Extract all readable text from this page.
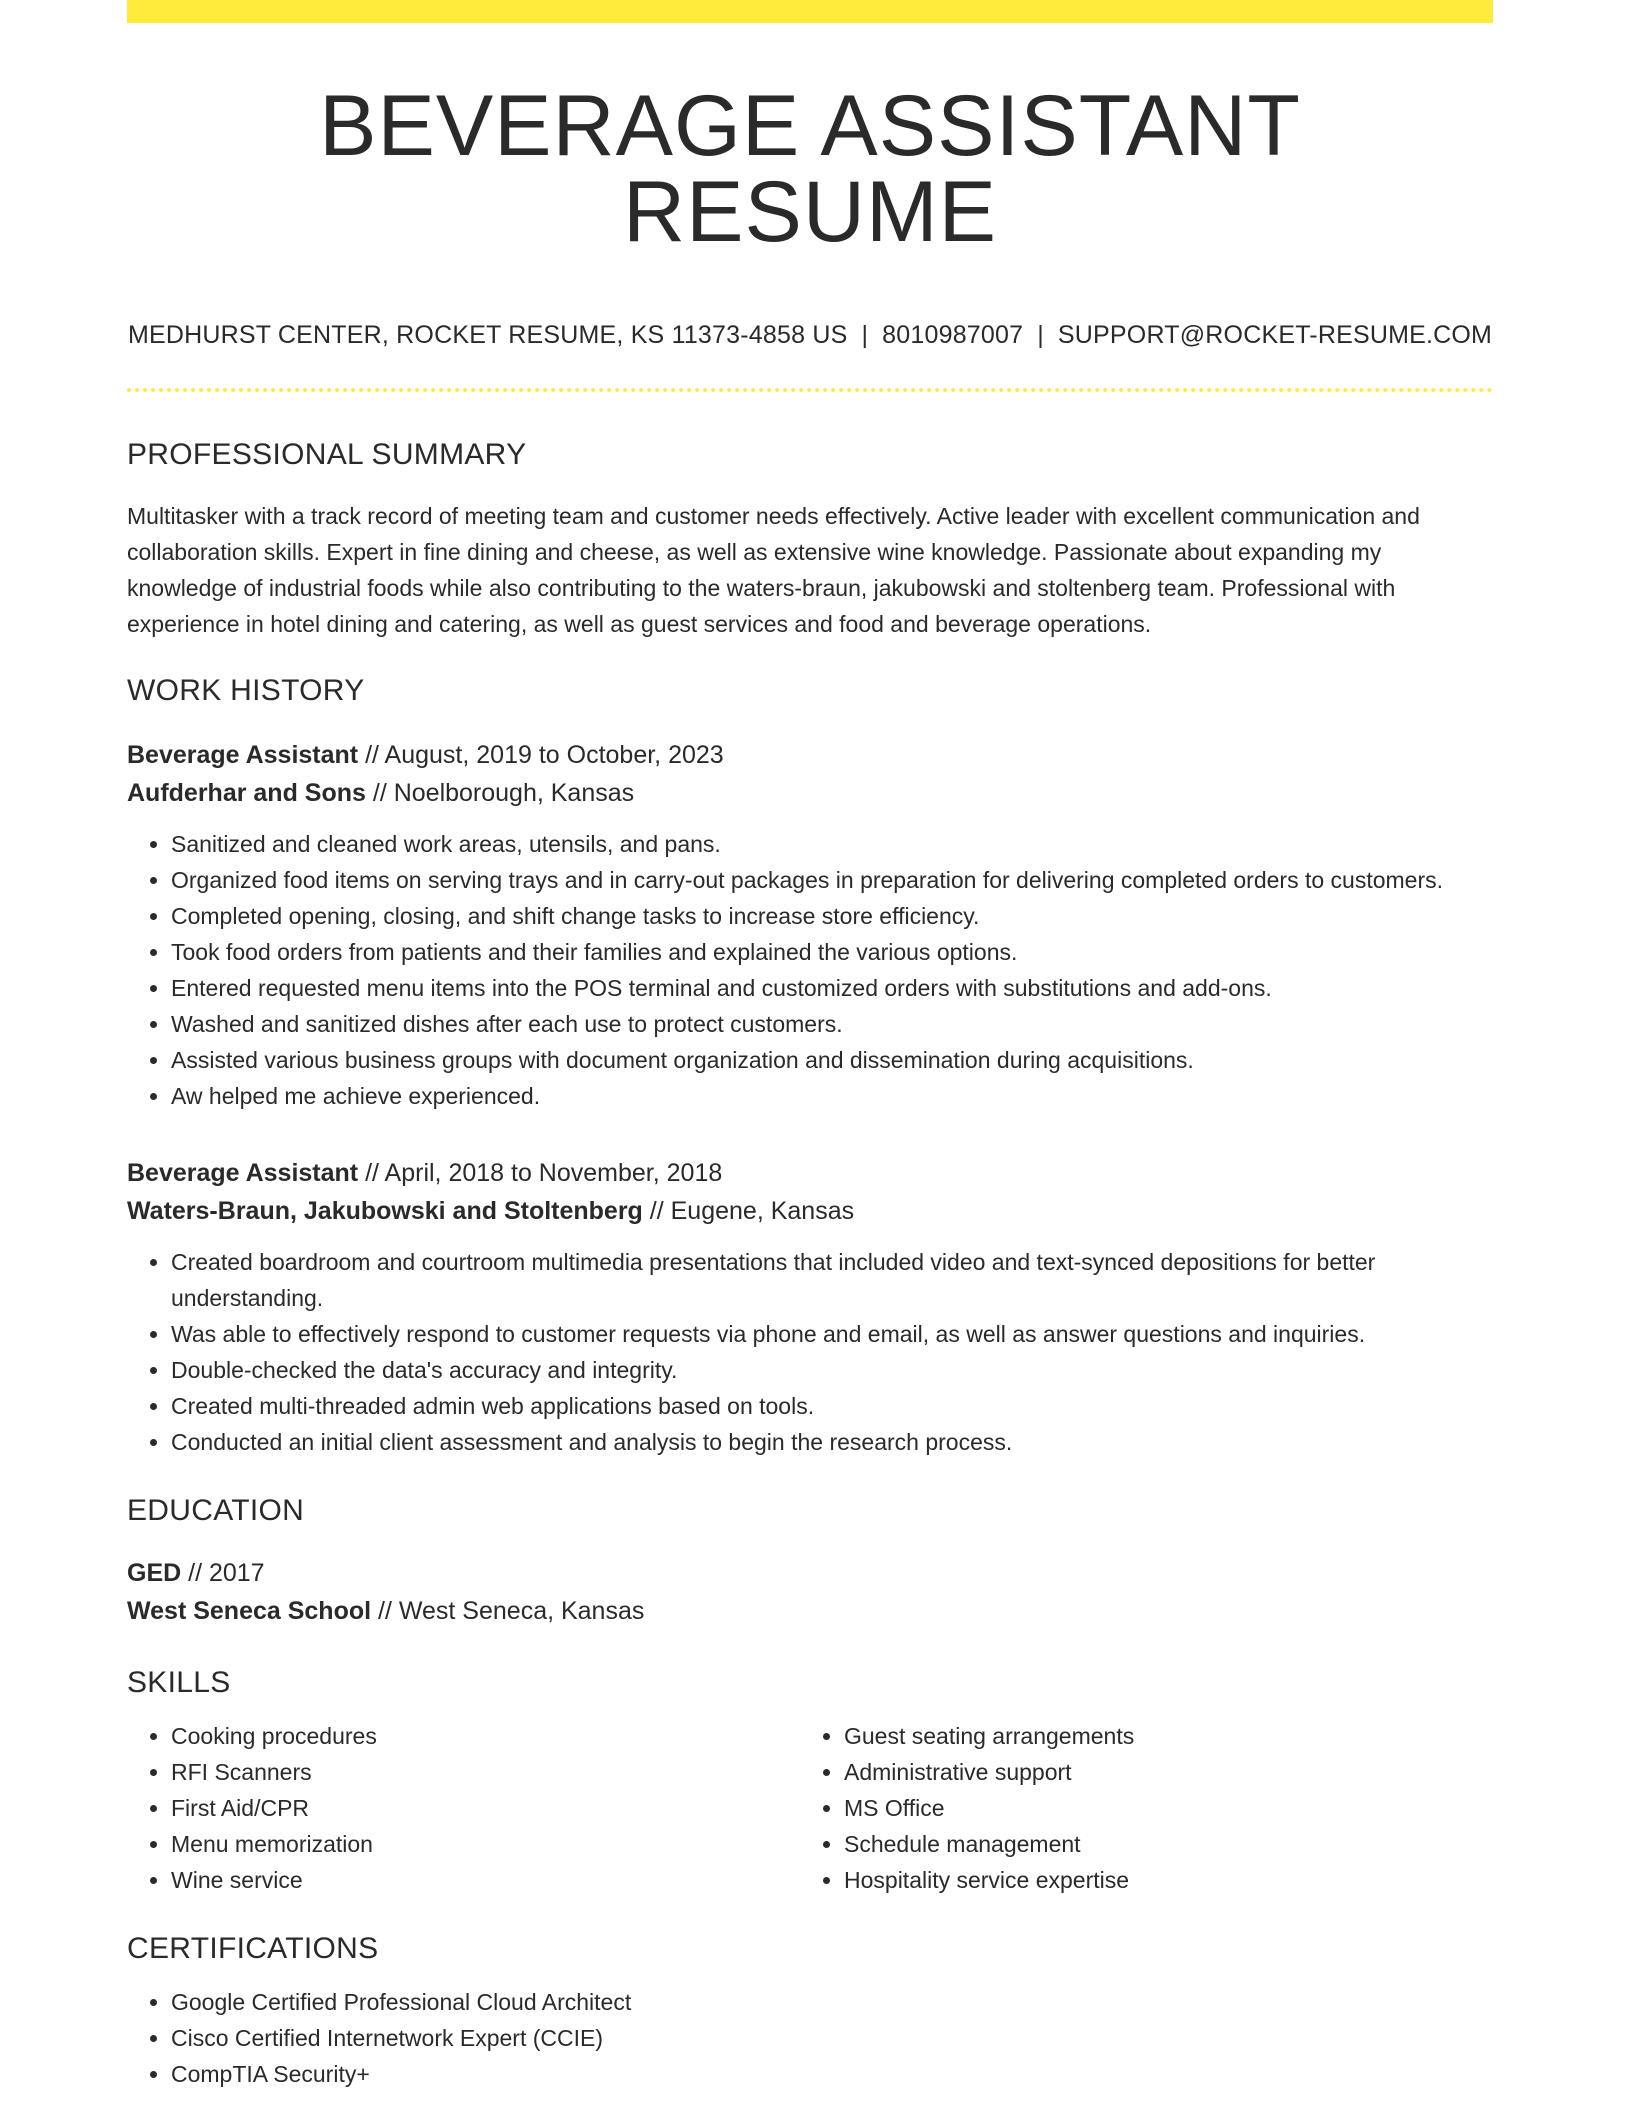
BEVERAGE ASSISTANT RESUME
MEDHURST CENTER, ROCKET RESUME, KS 11373-4858 US | 8010987007 | SUPPORT@ROCKET-RESUME.COM
PROFESSIONAL SUMMARY

Multitasker with a track record of meeting team and customer needs effectively. Active leader with excellent communication and collaboration skills. Expert in fine dining and cheese, as well as extensive wine knowledge. Passionate about expanding my knowledge of industrial foods while also contributing to the waters-braun, jakubowski and stoltenberg team. Professional with experience in hotel dining and catering, as well as guest services and food and beverage operations.

WORK HISTORY
Beverage Assistant // August, 2019 to October, 2023
Aufderhar and Sons // Noelborough, Kansas
• Sanitized and cleaned work areas, utensils, and pans.
• Organized food items on serving trays and in carry-out packages in preparation for delivering completed orders to customers.
• Completed opening, closing, and shift change tasks to increase store efficiency.
• Took food orders from patients and their families and explained the various options.
• Entered requested menu items into the POS terminal and customized orders with substitutions and add-ons.
• Washed and sanitized dishes after each use to protect customers.
• Assisted various business groups with document organization and dissemination during acquisitions.
• Aw helped me achieve experienced.
Beverage Assistant // April, 2018 to November, 2018
Waters-Braun, Jakubowski and Stoltenberg // Eugene, Kansas
• Created boardroom and courtroom multimedia presentations that included video and text-synced depositions for better understanding.
• Was able to effectively respond to customer requests via phone and email, as well as answer questions and inquiries.
• Double-checked the data's accuracy and integrity.
• Created multi-threaded admin web applications based on tools.
• Conducted an initial client assessment and analysis to begin the research process.
EDUCATION
GED // 2017
West Seneca School // West Seneca, Kansas
SKILLS
• Cooking procedures
• RFI Scanners
• First Aid/CPR
• Menu memorization
• Wine service
• Guest seating arrangements
• Administrative support
• MS Office
• Schedule management
• Hospitality service expertise
CERTIFICATIONS
• Google Certified Professional Cloud Architect
• Cisco Certified Internetwork Expert (CCIE)
• CompTIA Security+
